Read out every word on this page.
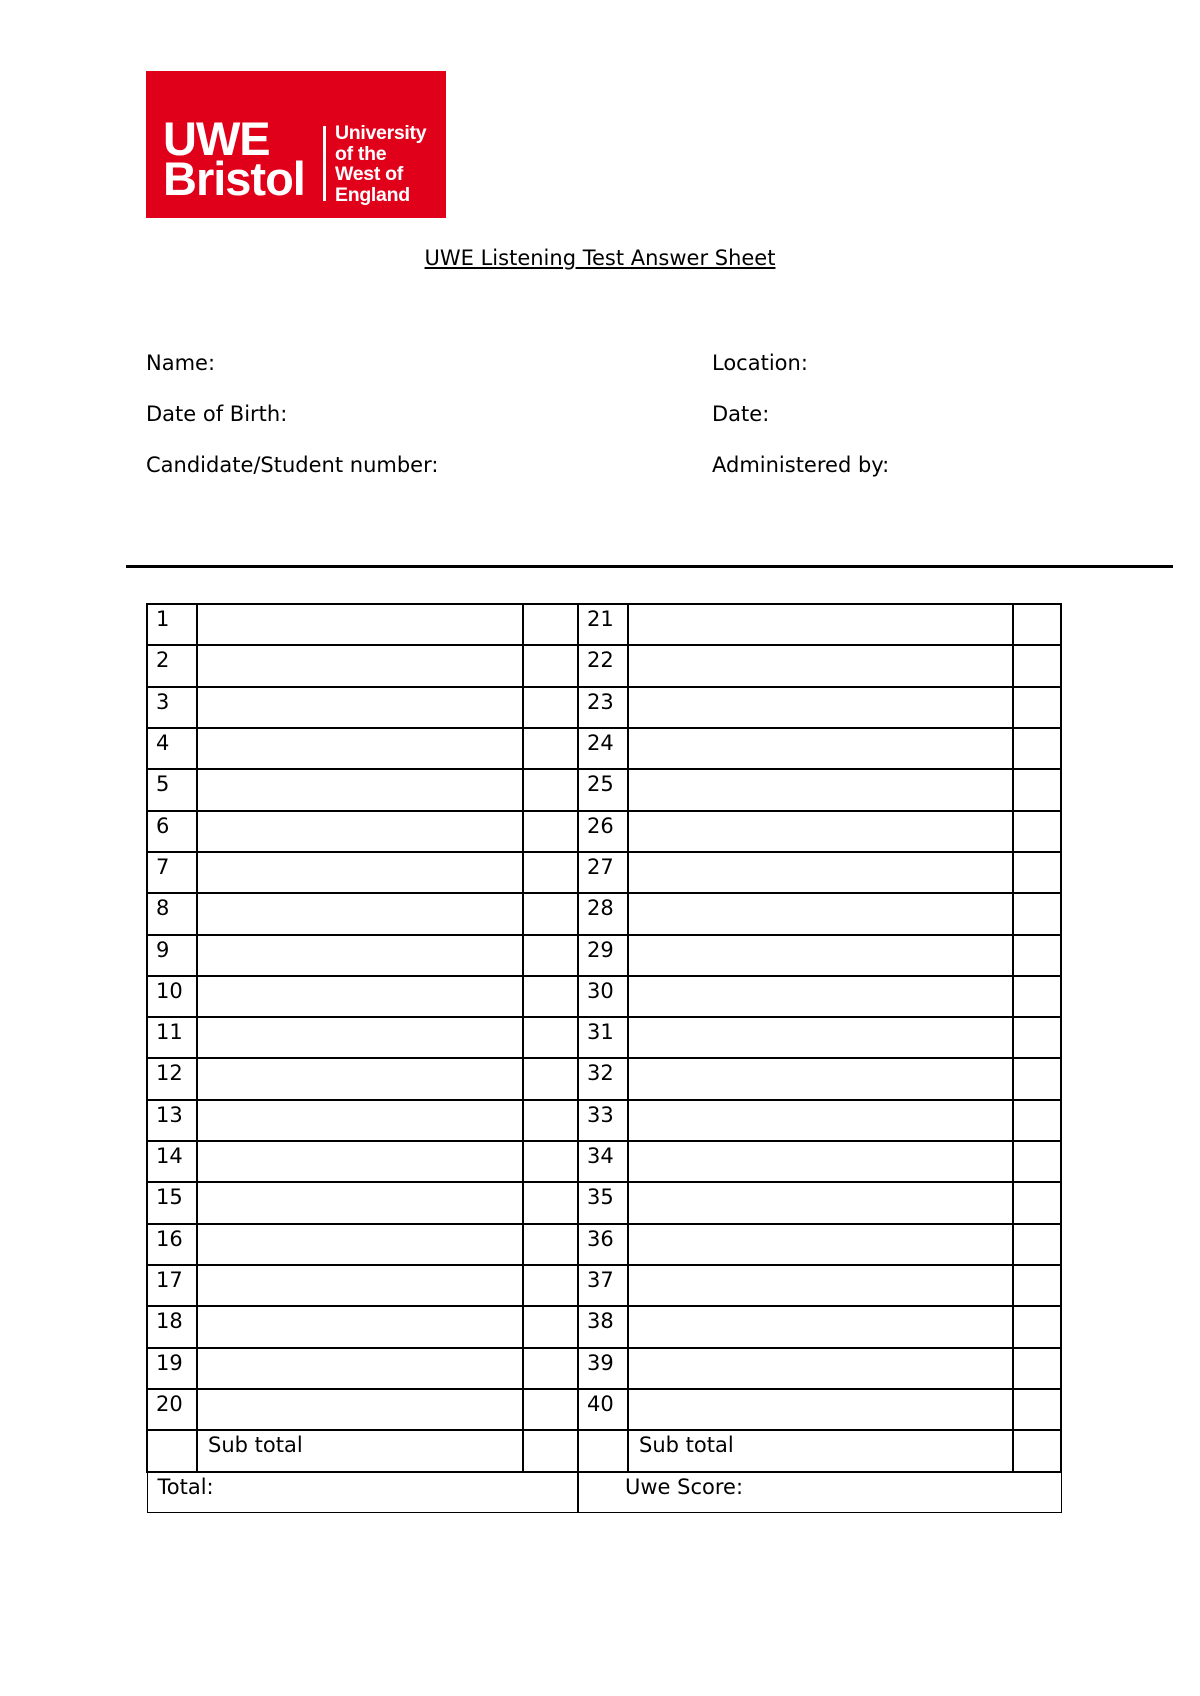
UWE
Bristol
University
of the
West of
England
UWE Listening Test Answer Sheet
Name:
Date of Birth:
Candidate/Student number:
Location:
Date:
Administered by:
1			21		
2			22		
3			23		
4			24		
5			25		
6			26		
7			27		
8			28		
9			29		
10			30		
11			31		
12			32		
13			33		
14			34		
15			35		
16			36		
17			37		
18			38		
19			39		
20			40		
	Sub total			Sub total	
Total:			Uwe Score:		
